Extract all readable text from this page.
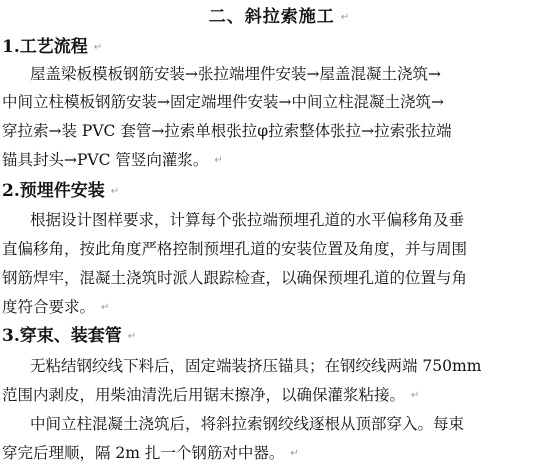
二、斜拉索施工 ↵
1.工艺流程 ↵
屋盖梁板模板钢筋安装→张拉端埋件安装→屋盖混凝土浇筑→
中间立柱模板钢筋安装→固定端埋件安装→中间立柱混凝土浇筑→
穿拉索→装 PVC 套管→拉索单根张拉φ拉索整体张拉→拉索张拉端
锚具封头→PVC 管竖向灌浆。 ↵
2.预埋件安装 ↵
根据设计图样要求，计算每个张拉端预埋孔道的水平偏移角及垂
直偏移角，按此角度严格控制预埋孔道的安装位置及角度，并与周围
钢筋焊牢，混凝土浇筑时派人跟踪检查，以确保预埋孔道的位置与角
度符合要求。 ↵
3.穿束、装套管 ↵
无粘结钢绞线下料后，固定端装挤压锚具；在钢绞线两端 750mm
范围内剥皮，用柴油清洗后用锯末擦净，以确保灌浆粘接。 ↵
中间立柱混凝土浇筑后，将斜拉索钢绞线逐根从顶部穿入。每束
穿完后理顺，隔 2m 扎一个钢筋对中器。 ↵
